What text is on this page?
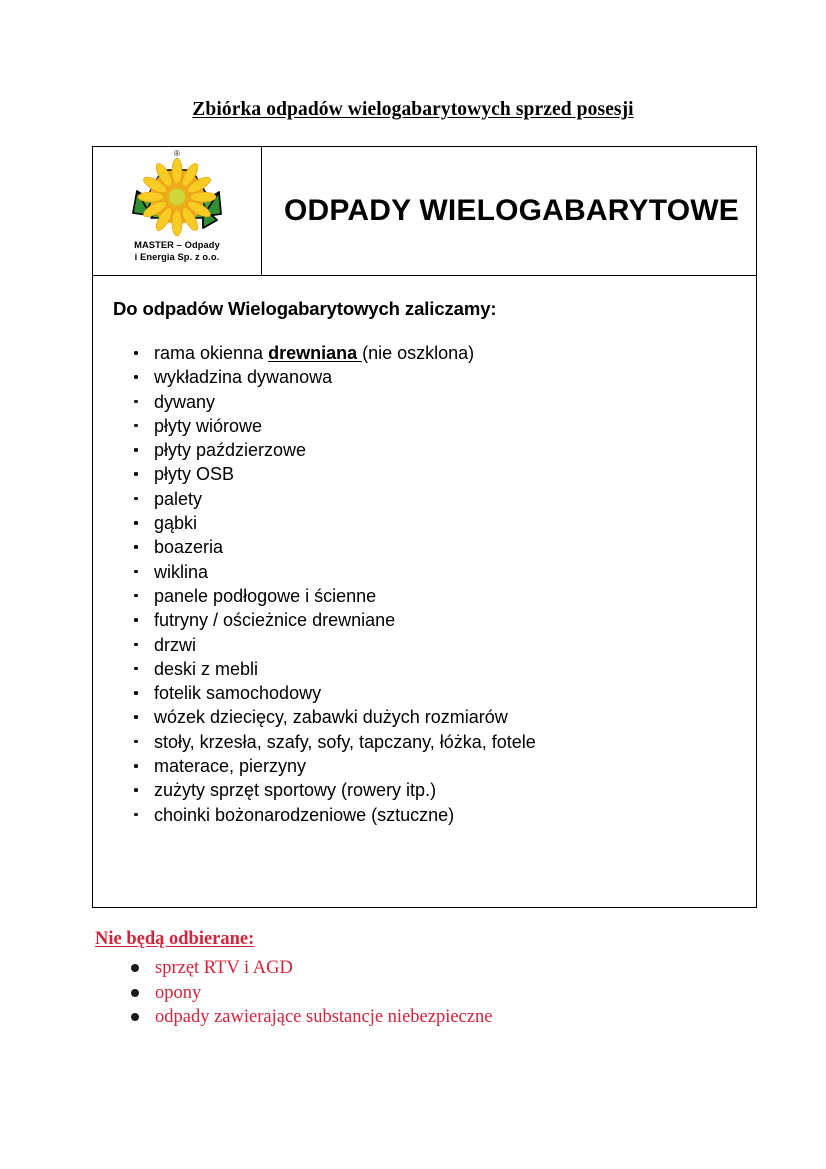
Zbiórka odpadów wielogabarytowych sprzed posesji
®
MASTER – Odpady
i Energia Sp. z o.o.
ODPADY WIELOGABARYTOWE
Do odpadów Wielogabarytowych zaliczamy:
rama okienna drewniana (nie oszklona)
wykładzina dywanowa
dywany
płyty wiórowe
płyty paździerzowe
płyty OSB
palety
gąbki
boazeria
wiklina
panele podłogowe i ścienne
futryny / ościeżnice drewniane
drzwi
deski z mebli
fotelik samochodowy
wózek dziecięcy, zabawki dużych rozmiarów
stoły, krzesła, szafy, sofy, tapczany, łóżka, fotele
materace, pierzyny
zużyty sprzęt sportowy (rowery itp.)
choinki bożonarodzeniowe (sztuczne)
Nie będą odbierane:
sprzęt RTV i AGD
opony
odpady zawierające substancje niebezpieczne
